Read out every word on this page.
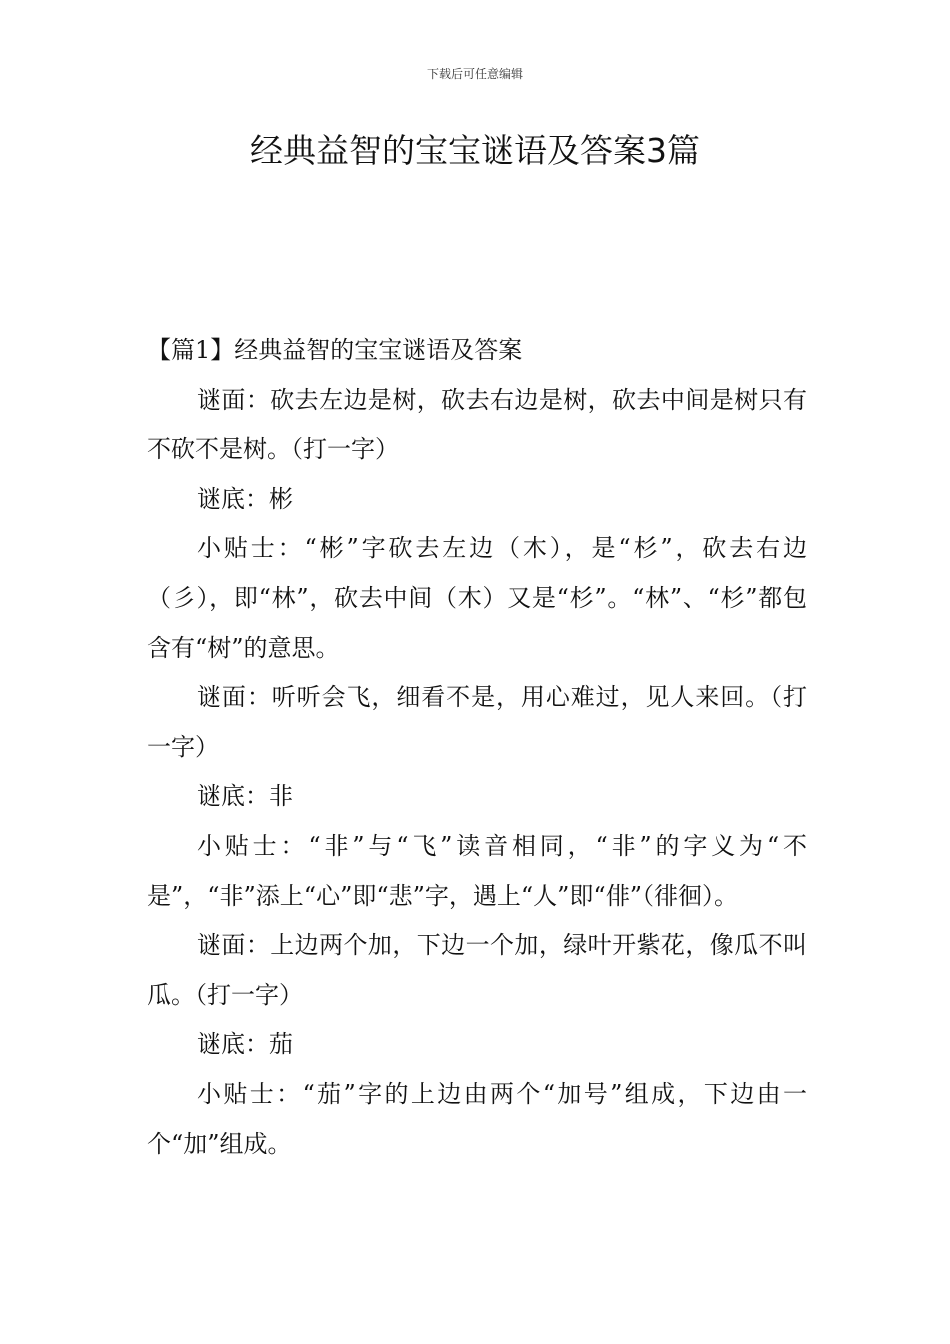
下载后可任意编辑
经典益智的宝宝谜语及答案3篇

【篇1】经典益智的宝宝谜语及答案

谜面：砍去左边是树，砍去右边是树，砍去中间是树只有不砍不是树。（打一字）

谜底：彬

小贴士：“彬”字砍去左边（木），是“杉”，砍去右边（彡），即“林”，砍去中间（木）又是“杉”。“林”、“杉”都包含有“树”的意思。

谜面：听听会飞，细看不是，用心难过，见人来回。（打一字）

谜底：非

小贴士：“非”与“飞”读音相同，“非”的字义为“不是”，“非”添上“心”即“悲”字，遇上“人”即“俳”（徘徊）。

谜面：上边两个加，下边一个加，绿叶开紫花，像瓜不叫瓜。（打一字）

谜底：茄

小贴士：“茄”字的上边由两个“加号”组成，下边由一个“加”组成。
